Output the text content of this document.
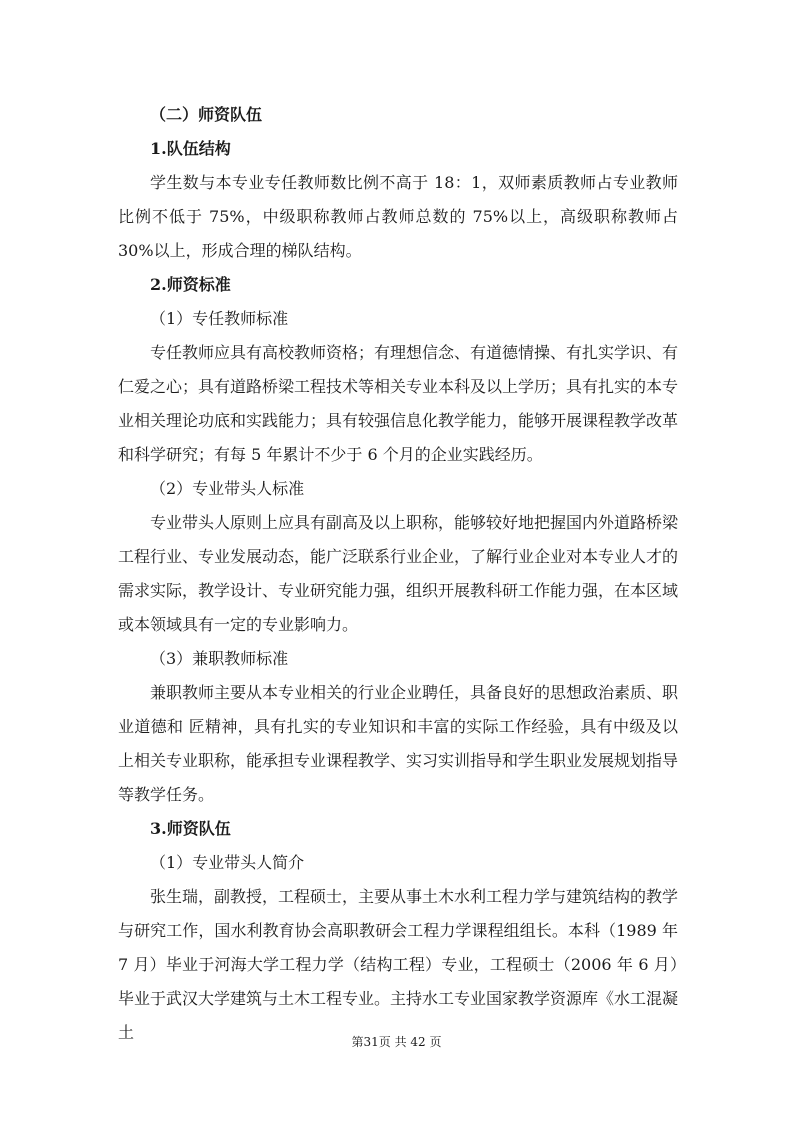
（二）师资队伍
1.队伍结构
学生数与本专业专任教师数比例不高于 18：1，双师素质教师占专业教师比例不低于 75%，中级职称教师占教师总数的 75%以上，高级职称教师占 30%以上，形成合理的梯队结构。
2.师资标准
（1）专任教师标准
专任教师应具有高校教师资格；有理想信念、有道德情操、有扎实学识、有仁爱之心；具有道路桥梁工程技术等相关专业本科及以上学历；具有扎实的本专业相关理论功底和实践能力；具有较强信息化教学能力，能够开展课程教学改革和科学研究；有每 5 年累计不少于 6 个月的企业实践经历。
（2）专业带头人标准
专业带头人原则上应具有副高及以上职称，能够较好地把握国内外道路桥梁工程行业、专业发展动态，能广泛联系行业企业，了解行业企业对本专业人才的需求实际，教学设计、专业研究能力强，组织开展教科研工作能力强，在本区域或本领域具有一定的专业影响力。
（3）兼职教师标准
兼职教师主要从本专业相关的行业企业聘任，具备良好的思想政治素质、职业道德和 匠精神，具有扎实的专业知识和丰富的实际工作经验，具有中级及以上相关专业职称，能承担专业课程教学、实习实训指导和学生职业发展规划指导等教学任务。
3.师资队伍
（1）专业带头人简介
张生瑞，副教授，工程硕士，主要从事土木水利工程力学与建筑结构的教学与研究工作，国水利教育协会高职教研会工程力学课程组组长。本科（1989 年 7 月）毕业于河海大学工程力学（结构工程）专业，工程硕士（2006 年 6 月）毕业于武汉大学建筑与土木工程专业。主持水工专业国家教学资源库《水工混凝土	第31页 共 42 页
